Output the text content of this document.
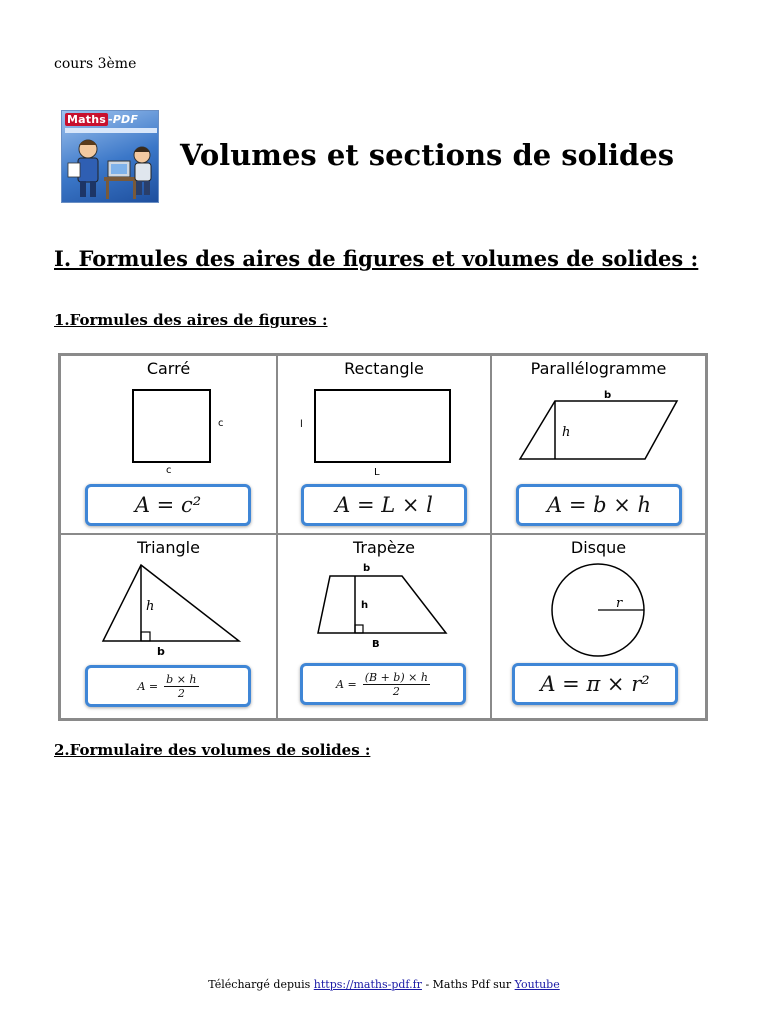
cours 3ème
Maths -PDF
Volumes et sections de solides
I. Formules des aires de figures et volumes de solides :
1.Formules des aires de figures :
Carré
c
c
A = c²
Rectangle
l
L
A = L × l
Parallélogramme
b
h
A = b × h
Triangle
h
b
$A = \frac{b \times h}{2}$
Trapèze
b
h
B
$A = \frac{(B + b) \times h}{2}$
Disque
r
A = π × r²
2.Formulaire des volumes de solides :
Téléchargé depuis https://maths-pdf.fr - Maths Pdf sur Youtube
